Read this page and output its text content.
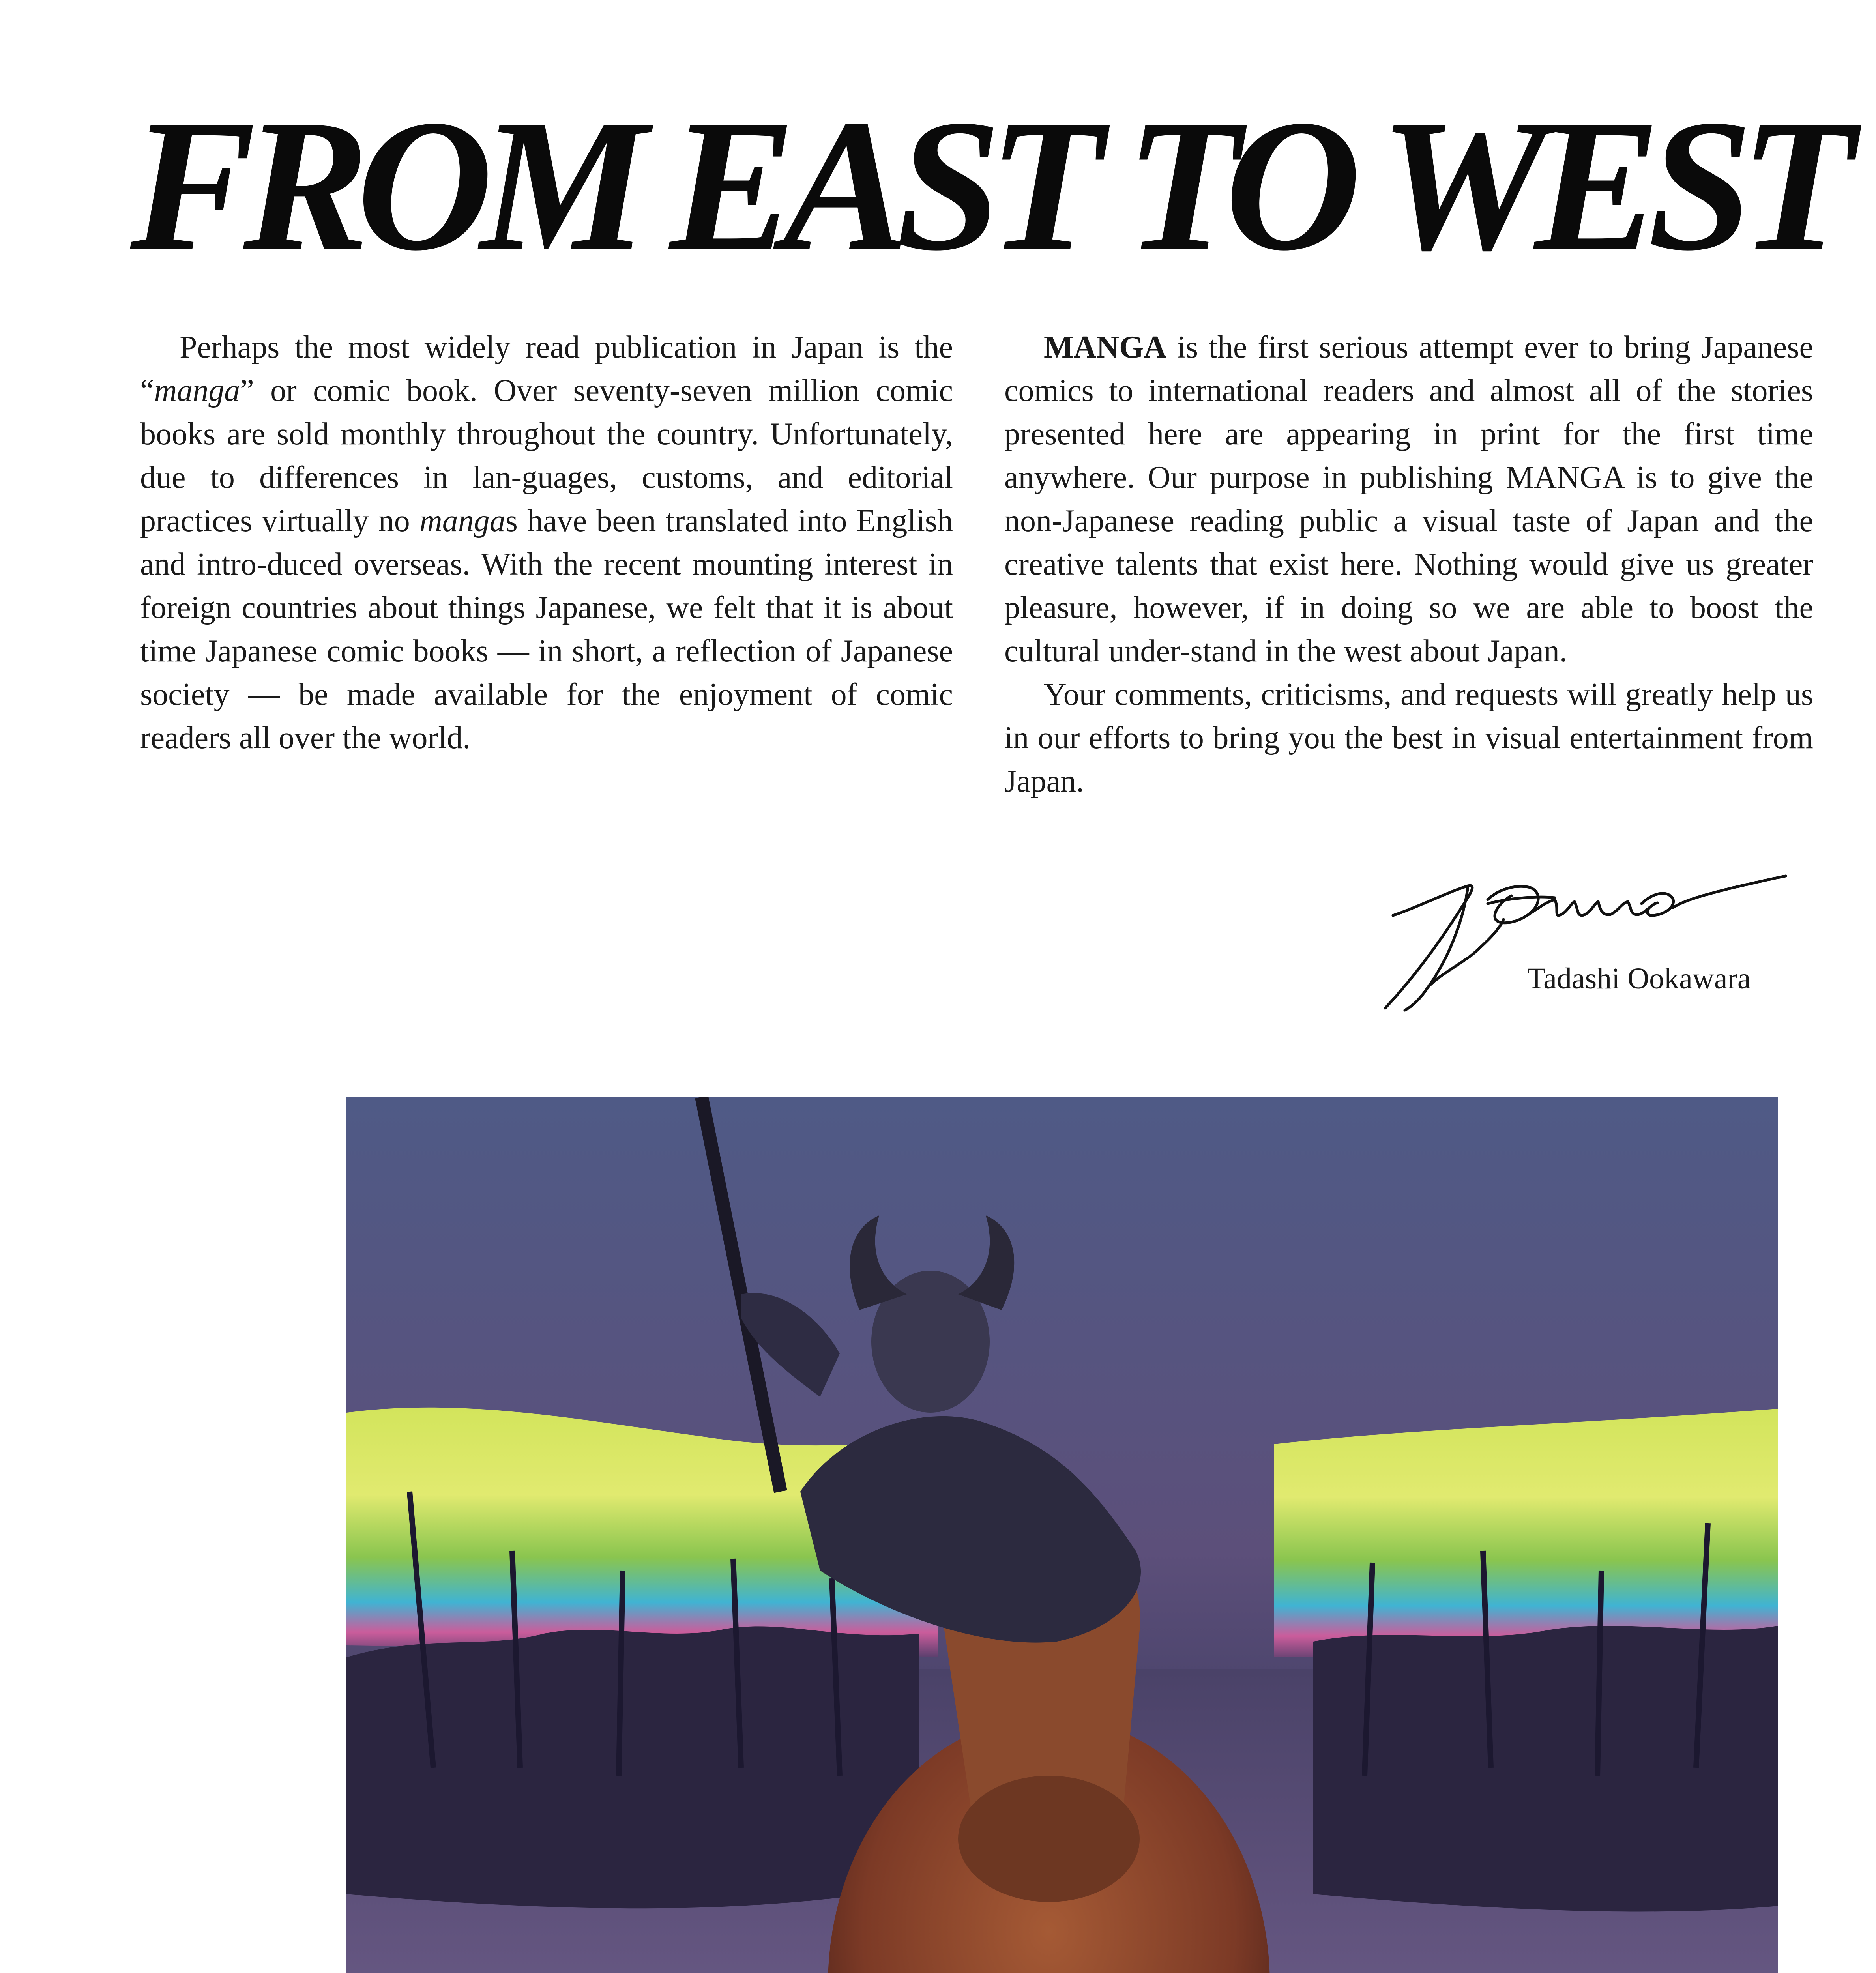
FROM EAST TO WEST

Perhaps the most widely read publication in Japan is the “manga” or comic book. Over seventy-seven million comic books are sold monthly throughout the country. Unfortunately, due to differences in lan-guages, customs, and editorial practices virtually no mangas have been translated into English and intro-duced overseas. With the recent mounting interest in foreign countries about things Japanese, we felt that it is about time Japanese comic books — in short, a reflection of Japanese society — be made available for the enjoyment of comic readers all over the world.

MANGA is the first serious attempt ever to bring Japanese comics to international readers and almost all of the stories presented here are appearing in print for the first time anywhere. Our purpose in publishing MANGA is to give the non-Japanese reading public a visual taste of Japan and the creative talents that exist here. Nothing would give us greater pleasure, however, if in doing so we are able to boost the cultural under-stand in the west about Japan.

Your comments, criticisms, and requests will greatly help us in our efforts to bring you the best in visual entertainment from Japan.

Tadashi Ookawara
